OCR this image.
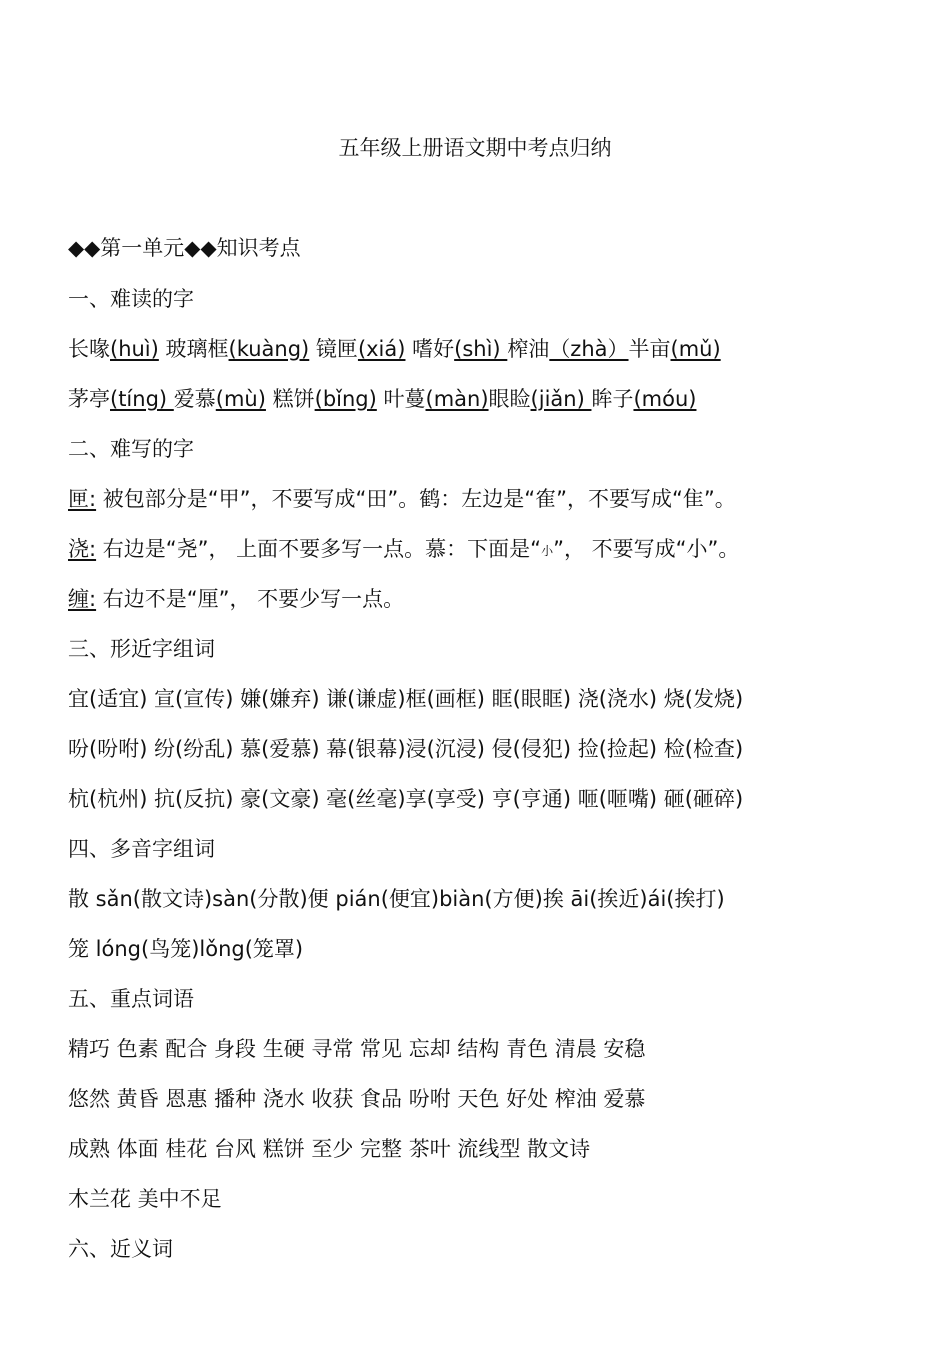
五年级上册语文期中考点归纳
◆◆第一单元◆◆知识考点
一、难读的字
长喙(huì) 玻璃框(kuàng) 镜匣(xiá) 嗜好(shì) 榨油（zhà）半亩(mǔ)
茅亭(tíng) 爱慕(mù) 糕饼(bǐng) 叶蔓(màn)眼睑(jiǎn) 眸子(móu)
二、难写的字
匣: 被包部分是“甲”，不要写成“田”。鹤：左边是“隺”，不要写成“隹”。
浇: 右边是“尧”， 上面不要多写一点。慕：下面是“小”， 不要写成“小”。
缠: 右边不是“厘”， 不要少写一点。
三、形近字组词
宜(适宜) 宣(宣传) 嫌(嫌弃) 谦(谦虚)框(画框) 眶(眼眶) 浇(浇水) 烧(发烧)
吩(吩咐) 纷(纷乱) 慕(爱慕) 幕(银幕)浸(沉浸) 侵(侵犯) 捡(捡起) 检(检查)
杭(杭州) 抗(反抗) 豪(文豪) 毫(丝毫)享(享受) 亨(亨通) 咂(咂嘴) 砸(砸碎)
四、多音字组词
散 sǎn(散文诗)sàn(分散)便 pián(便宜)biàn(方便)挨 āi(挨近)ái(挨打)
笼 lóng(鸟笼)lǒng(笼罩)
五、重点词语
精巧 色素 配合 身段 生硬 寻常 常见 忘却 结构 青色 清晨 安稳
悠然 黄昏 恩惠 播种 浇水 收获 食品 吩咐 天色 好处 榨油 爱慕
成熟 体面 桂花 台风 糕饼 至少 完整 茶叶 流线型 散文诗
木兰花 美中不足
六、近义词
